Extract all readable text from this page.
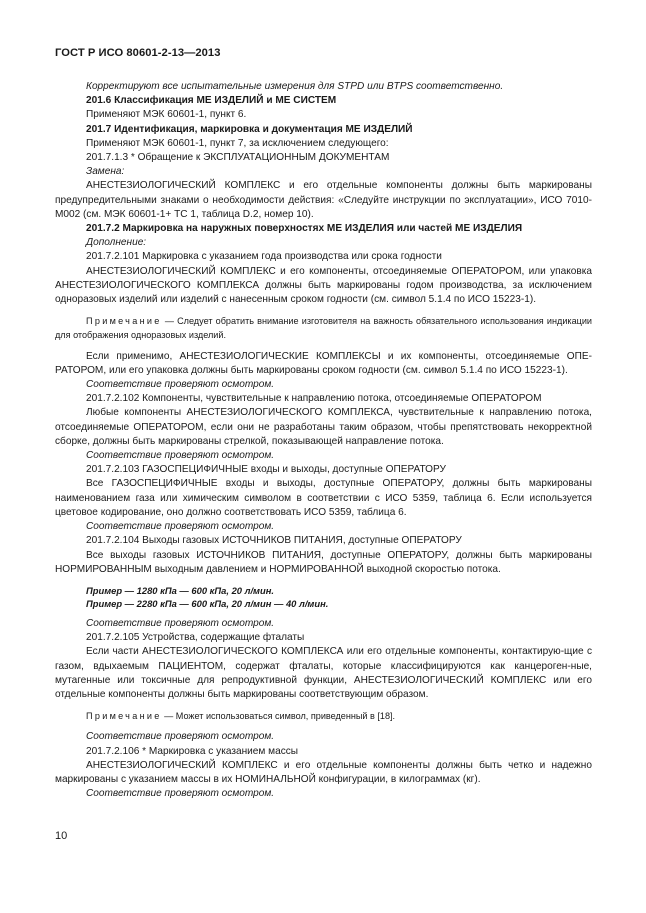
ГОСТ Р ИСО 80601-2-13—2013

Корректируют все испытательные измерения для STPD или BTPS соответственно.

201.6 Классификация МЕ ИЗДЕЛИЙ и МЕ СИСТЕМ

Применяют МЭК 60601-1, пункт 6.

201.7 Идентификация, маркировка и документация МЕ ИЗДЕЛИЙ

Применяют МЭК 60601-1, пункт 7, за исключением следующего:

201.7.1.3 * Обращение к ЭКСПЛУАТАЦИОННЫМ ДОКУМЕНТАМ

Замена:

АНЕСТЕЗИОЛОГИЧЕСКИЙ КОМПЛЕКС и его отдельные компоненты должны быть маркированы предупредительными знаками о необходимости действия: «Следуйте инструкции по эксплуатации», ИСО 7010-M002 (см. МЭК 60601-1+ ТС 1, таблица D.2, номер 10).

201.7.2 Маркировка на наружных поверхностях МЕ ИЗДЕЛИЯ или частей МЕ ИЗДЕЛИЯ

Дополнение:

201.7.2.101 Маркировка с указанием года производства или срока годности

АНЕСТЕЗИОЛОГИЧЕСКИЙ КОМПЛЕКС и его компоненты, отсоединяемые ОПЕРАТОРОМ, или упаковка АНЕСТЕЗИОЛОГИЧЕСКОГО КОМПЛЕКСА должны быть маркированы годом производства, за исключением одноразовых изделий или изделий с нанесенным сроком годности (см. символ 5.1.4 по ИСО 15223-1).

Примечание — Следует обратить внимание изготовителя на важность обязательного использования индикации для отображения одноразовых изделий.

Если применимо, АНЕСТЕЗИОЛОГИЧЕСКИЕ КОМПЛЕКСЫ и их компоненты, отсоединяемые ОПЕ-РАТОРОМ, или его упаковка должны быть маркированы сроком годности (см. символ 5.1.4 по ИСО 15223-1).

Соответствие проверяют осмотром.

201.7.2.102 Компоненты, чувствительные к направлению потока, отсоединяемые ОПЕРАТОРОМ

Любые компоненты АНЕСТЕЗИОЛОГИЧЕСКОГО КОМПЛЕКСА, чувствительные к направлению потока, отсоединяемые ОПЕРАТОРОМ, если они не разработаны таким образом, чтобы препятствовать некорректной сборке, должны быть маркированы стрелкой, показывающей направление потока.

Соответствие проверяют осмотром.

201.7.2.103 ГАЗОСПЕЦИФИЧНЫЕ входы и выходы, доступные ОПЕРАТОРУ

Все ГАЗОСПЕЦИФИЧНЫЕ входы и выходы, доступные ОПЕРАТОРУ, должны быть маркированы наименованием газа или химическим символом в соответствии с ИСО 5359, таблица 6. Если используется цветовое кодирование, оно должно соответствовать ИСО 5359, таблица 6.

Соответствие проверяют осмотром.

201.7.2.104 Выходы газовых ИСТОЧНИКОВ ПИТАНИЯ, доступные ОПЕРАТОРУ

Все выходы газовых ИСТОЧНИКОВ ПИТАНИЯ, доступные ОПЕРАТОРУ, должны быть маркированы НОРМИРОВАННЫМ выходным давлением и НОРМИРОВАННОЙ выходной скоростью потока.

Пример — 1280 кПа — 600 кПа, 20 л/мин.

Пример — 2280 кПа — 600 кПа, 20 л/мин — 40 л/мин.

Соответствие проверяют осмотром.

201.7.2.105 Устройства, содержащие фталаты

Если части АНЕСТЕЗИОЛОГИЧЕСКОГО КОМПЛЕКСА или его отдельные компоненты, контактирую-щие с газом, вдыхаемым ПАЦИЕНТОМ, содержат фталаты, которые классифицируются как канцероген-ные, мутагенные или токсичные для репродуктивной функции, АНЕСТЕЗИОЛОГИЧЕСКИЙ КОМПЛЕКС или его отдельные компоненты должны быть маркированы соответствующим образом.

Примечание — Может использоваться символ, приведенный в [18].

Соответствие проверяют осмотром.

201.7.2.106 * Маркировка с указанием массы

АНЕСТЕЗИОЛОГИЧЕСКИЙ КОМПЛЕКС и его отдельные компоненты должны быть четко и надежно маркированы с указанием массы в их НОМИНАЛЬНОЙ конфигурации, в килограммах (кг).

Соответствие проверяют осмотром.

10
